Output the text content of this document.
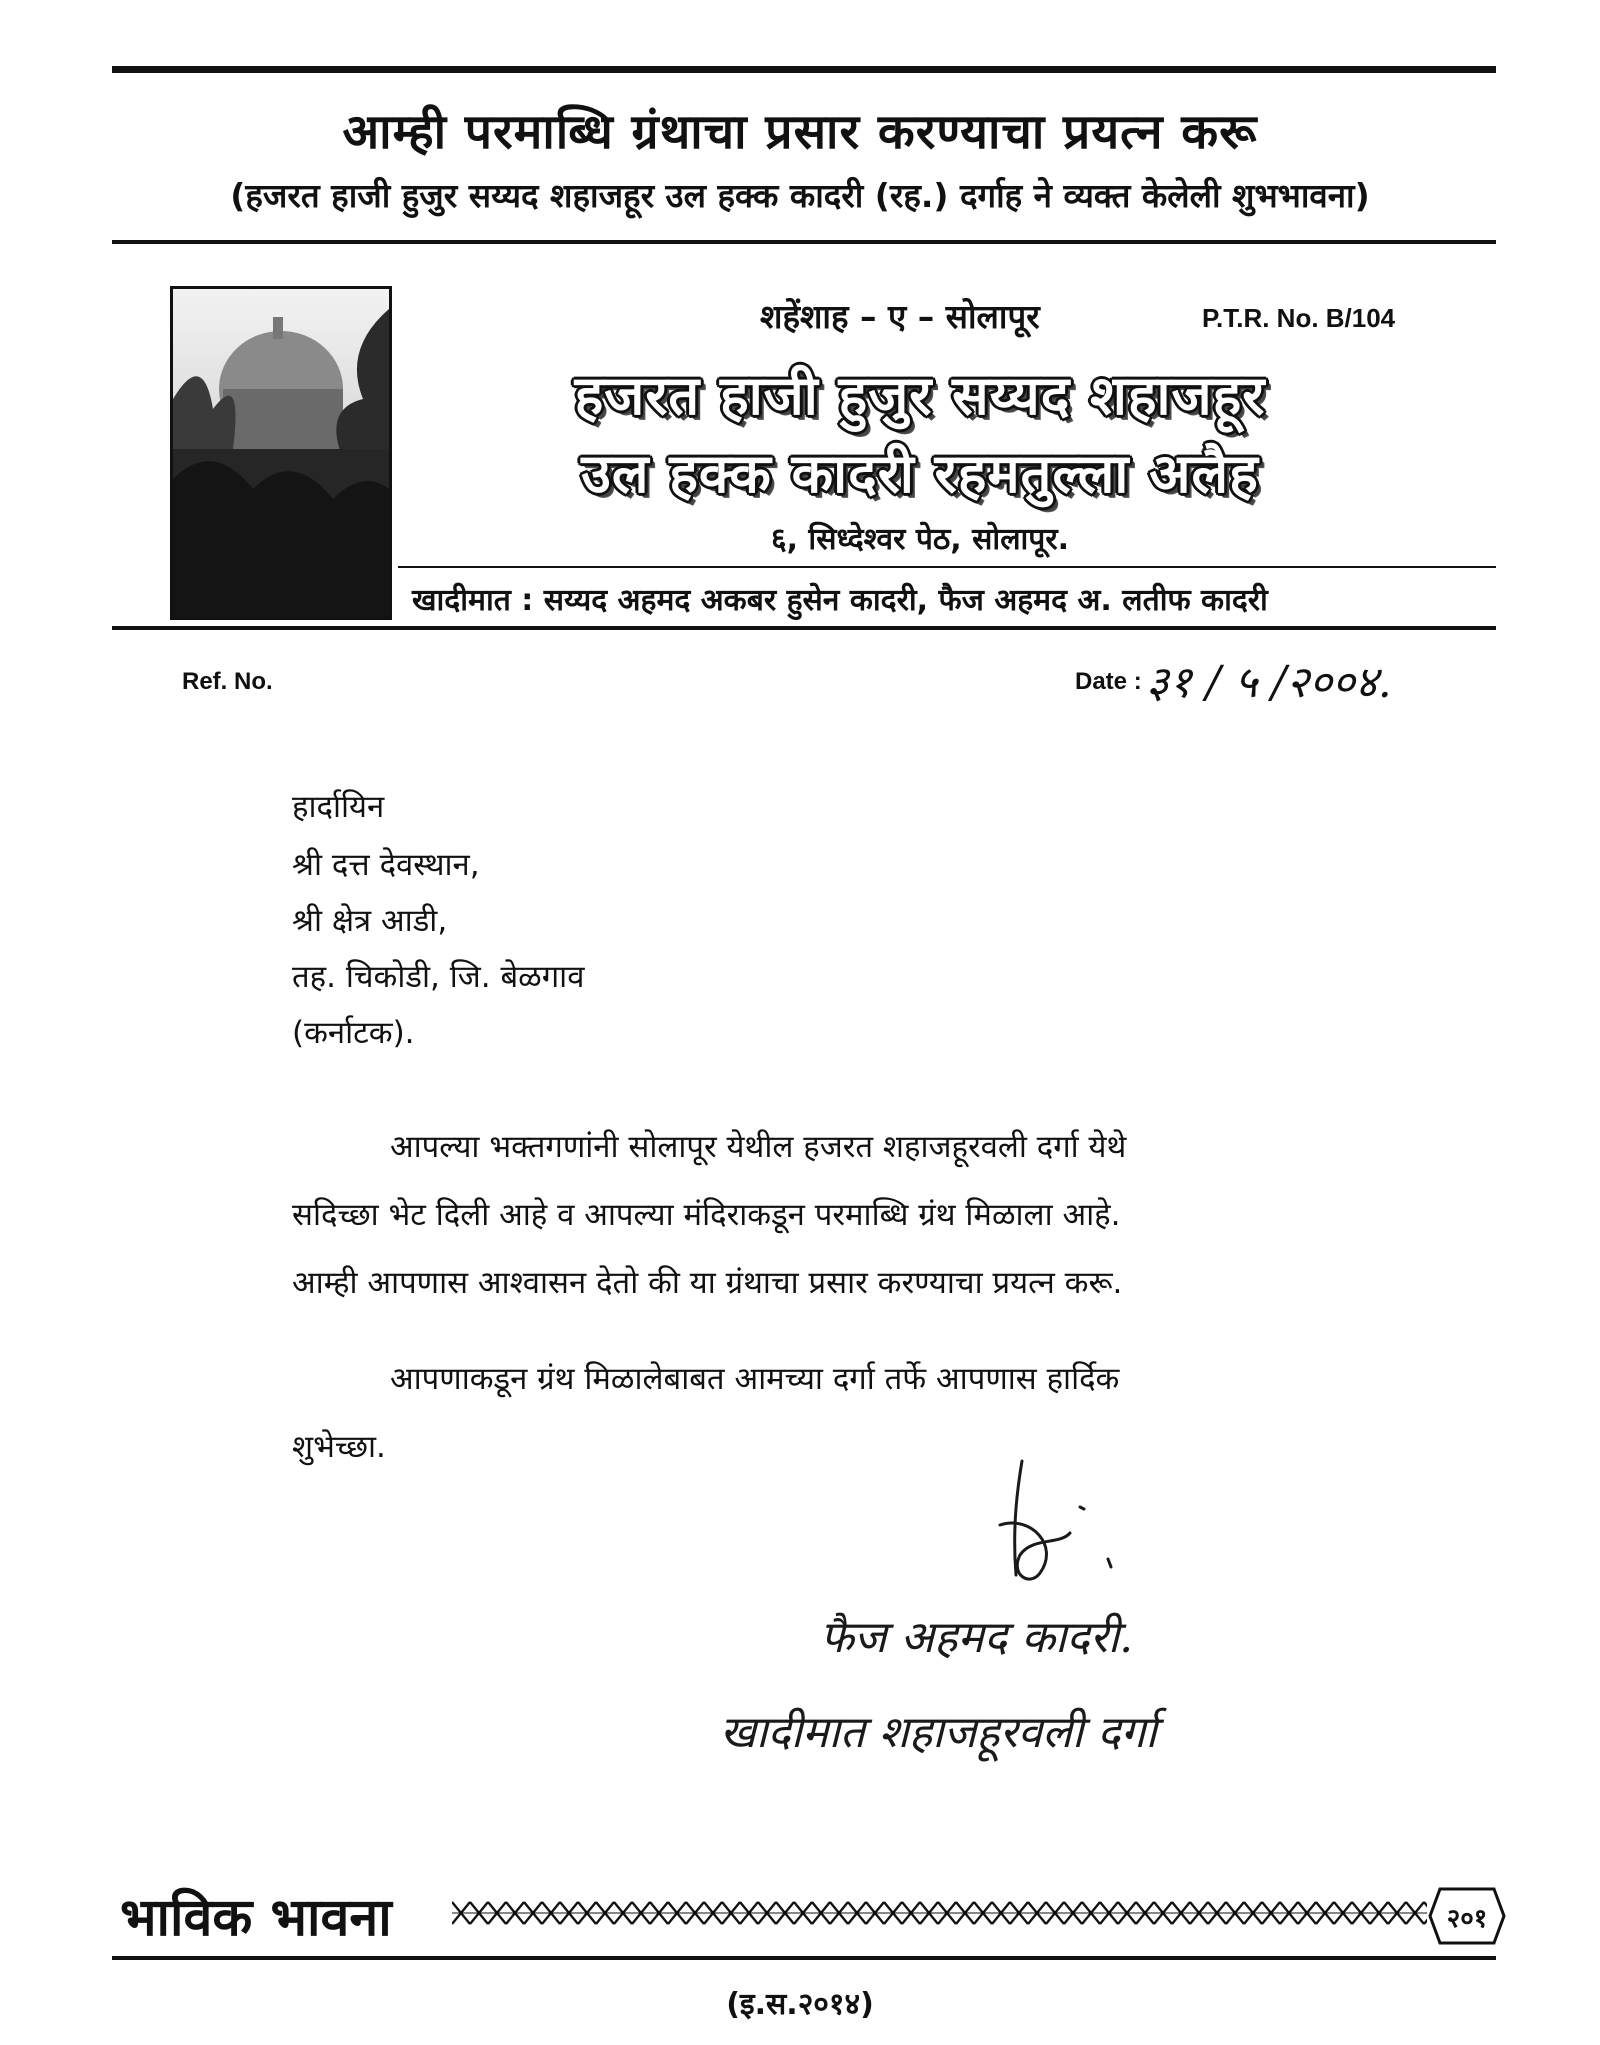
आम्ही परमाब्धि ग्रंथाचा प्रसार करण्याचा प्रयत्न करू
(हजरत हाजी हुजुर सय्यद शहाजहूर उल हक्क कादरी (रह.) दर्गाह ने व्यक्त केलेली शुभभावना)
शहेंशाह – ए – सोलापूर	P.T.R. No. B/104
हजरत हाजी हुजुर सय्यद शहाजहूर
उल हक्क कादरी रहमतुल्ला अलैह
६, सिध्देश्वर पेठ, सोलापूर.
खादीमात : सय्यद अहमद अकबर हुसेन कादरी, फैज अहमद अ. लतीफ कादरी
Ref. No.	Date : ३१ / ५ /२००४.
हार्दायिन
श्री दत्त देवस्थान,
श्री क्षेत्र आडी,
तह. चिकोडी, जि. बेळगाव
(कर्नाटक).
आपल्या भक्तगणांनी सोलापूर येथील हजरत शहाजहूरवली दर्गा येथे
सदिच्छा भेट दिली आहे व आपल्या मंदिराकडून परमाब्धि ग्रंथ मिळाला आहे.
आम्ही आपणास आश्वासन देतो की या ग्रंथाचा प्रसार करण्याचा प्रयत्न करू.
आपणाकडून ग्रंथ मिळालेबाबत आमच्या दर्गा तर्फे आपणास हार्दिक
शुभेच्छा.
फैज अहमद कादरी.
खादीमात शहाजहूरवली दर्गा
भाविक भावना	२०१
(इ.स.२०१४)
